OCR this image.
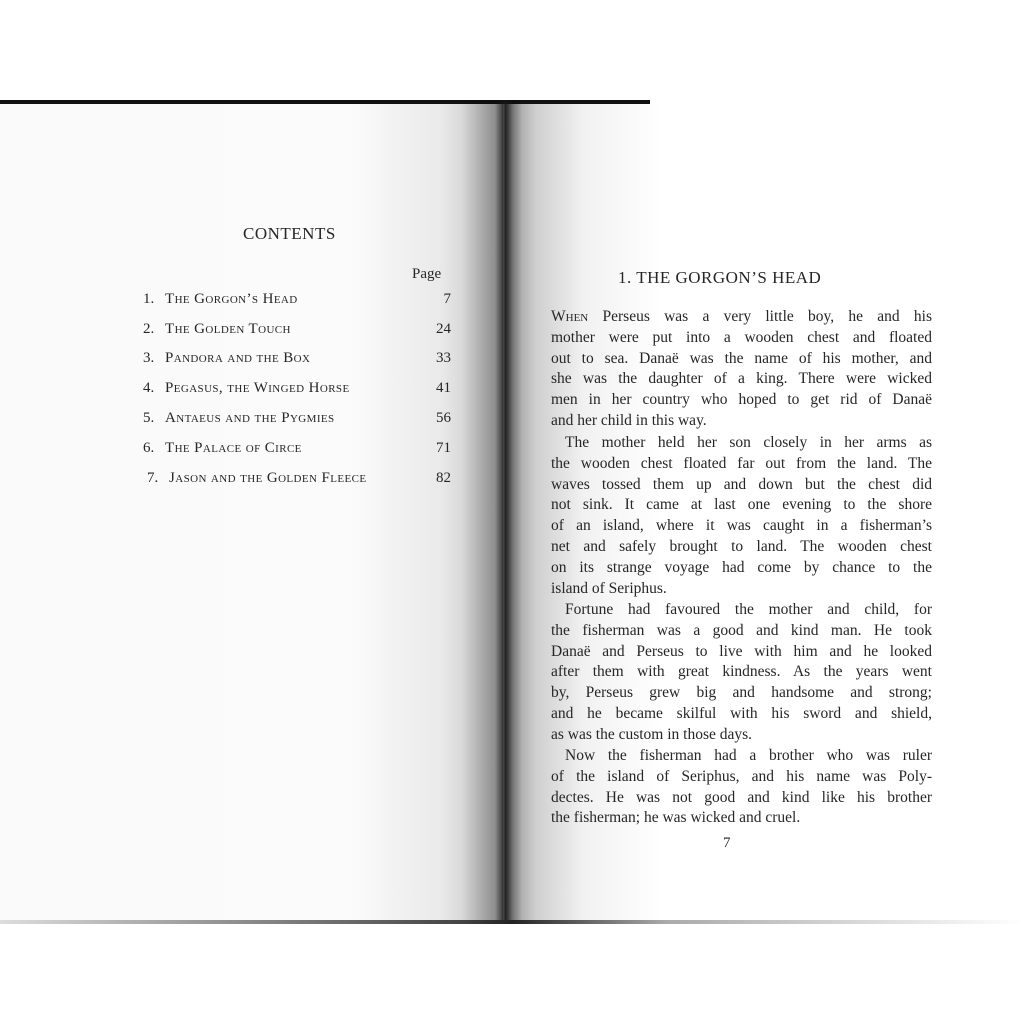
CONTENTS
Page
1. The Gorgon’s Head	7
2. The Golden Touch	24
3. Pandora and the Box	33
4. Pegasus, the Winged Horse	41
5. Antaeus and the Pygmies	56
6. The Palace of Circe	71
7. Jason and the Golden Fleece	82
1. THE GORGON’S HEAD
When Perseus was a very little boy, he and his
mother were put into a wooden chest and floated
out to sea. Danaë was the name of his mother, and
she was the daughter of a king. There were wicked
men in her country who hoped to get rid of Danaë
and her child in this way.
The mother held her son closely in her arms as
the wooden chest floated far out from the land. The
waves tossed them up and down but the chest did
not sink. It came at last one evening to the shore
of an island, where it was caught in a fisherman’s
net and safely brought to land. The wooden chest
on its strange voyage had come by chance to the
island of Seriphus.
Fortune had favoured the mother and child, for
the fisherman was a good and kind man. He took
Danaë and Perseus to live with him and he looked
after them with great kindness. As the years went
by, Perseus grew big and handsome and strong;
and he became skilful with his sword and shield,
as was the custom in those days.
Now the fisherman had a brother who was ruler
of the island of Seriphus, and his name was Poly-
dectes. He was not good and kind like his brother
the fisherman; he was wicked and cruel.
7
